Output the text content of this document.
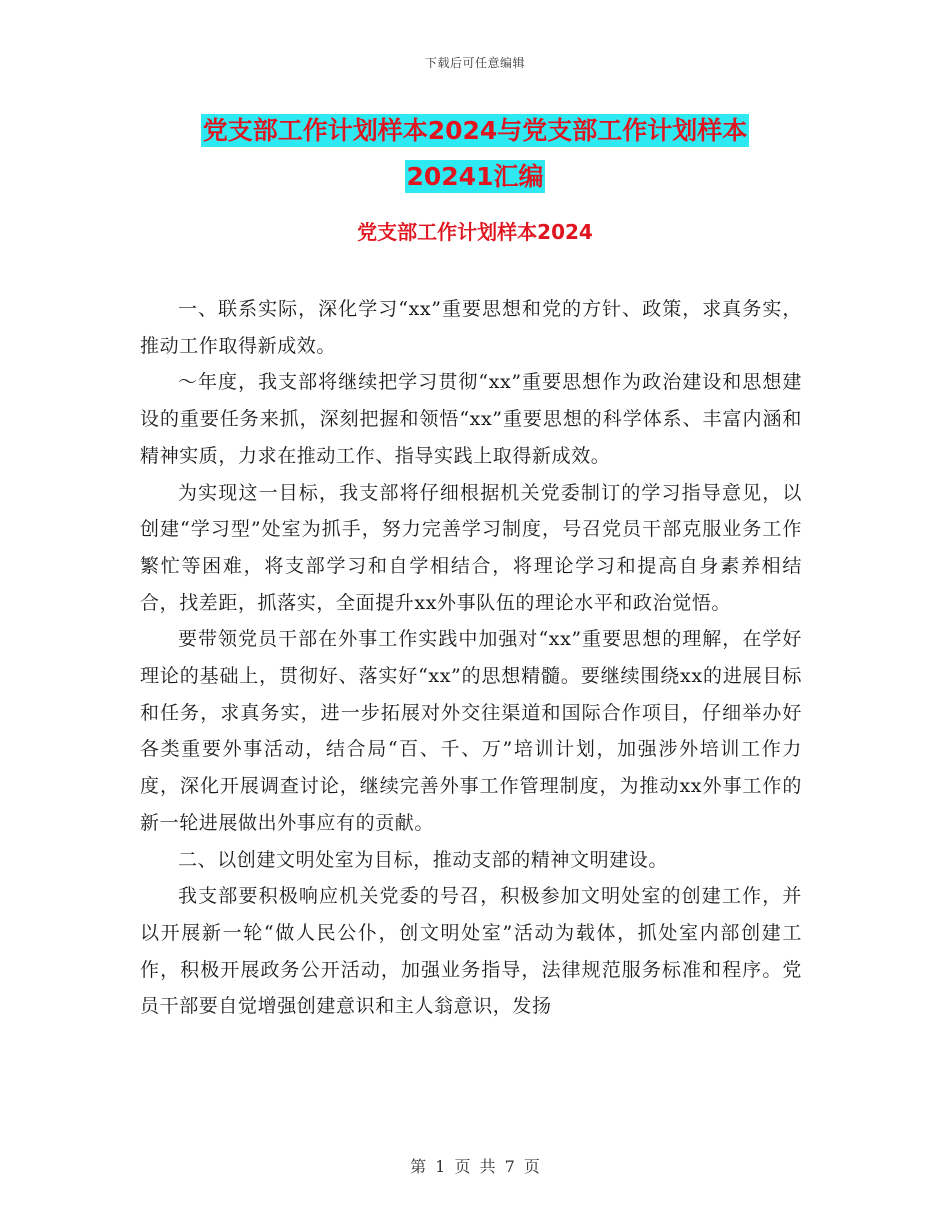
下载后可任意编辑
党支部工作计划样本2024与党支部工作计划样本
20241汇编
党支部工作计划样本2024

一、联系实际，深化学习“xx”重要思想和党的方针、政策，求真务实，推动工作取得新成效。

～年度，我支部将继续把学习贯彻“xx”重要思想作为政治建设和思想建设的重要任务来抓，深刻把握和领悟“xx”重要思想的科学体系、丰富内涵和精神实质，力求在推动工作、指导实践上取得新成效。

为实现这一目标，我支部将仔细根据机关党委制订的学习指导意见，以创建“学习型”处室为抓手，努力完善学习制度，号召党员干部克服业务工作繁忙等困难，将支部学习和自学相结合，将理论学习和提高自身素养相结合，找差距，抓落实，全面提升xx外事队伍的理论水平和政治觉悟。

要带领党员干部在外事工作实践中加强对“xx”重要思想的理解，在学好理论的基础上，贯彻好、落实好“xx”的思想精髓。要继续围绕xx的进展目标和任务，求真务实，进一步拓展对外交往渠道和国际合作项目，仔细举办好各类重要外事活动，结合局“百、千、万”培训计划，加强涉外培训工作力度，深化开展调查讨论，继续完善外事工作管理制度，为推动xx外事工作的新一轮进展做出外事应有的贡献。

二、以创建文明处室为目标，推动支部的精神文明建设。

我支部要积极响应机关党委的号召，积极参加文明处室的创建工作，并以开展新一轮“做人民公仆，创文明处室”活动为载体，抓处室内部创建工作，积极开展政务公开活动，加强业务指导，法律规范服务标准和程序。党员干部要自觉增强创建意识和主人翁意识，发扬

第 1 页 共 7 页
